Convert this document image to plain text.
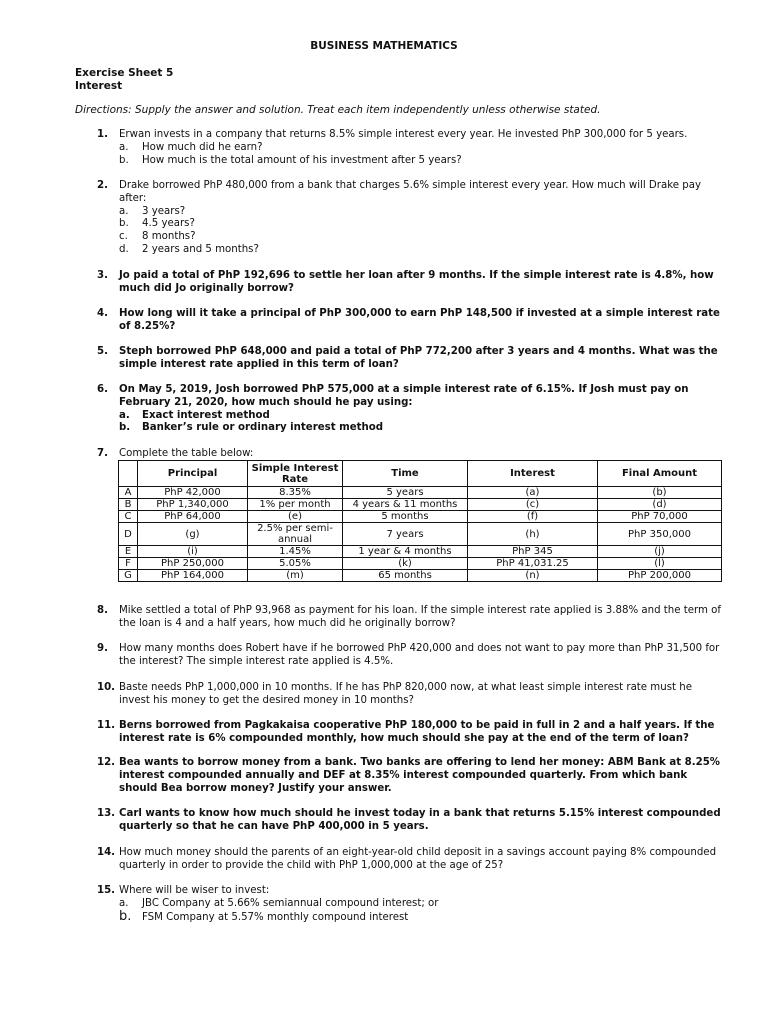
BUSINESS MATHEMATICS
Exercise Sheet 5
Interest
Directions: Supply the answer and solution. Treat each item independently unless otherwise stated.
1. Erwan invests in a company that returns 8.5% simple interest every year. He invested PhP 300,000 for 5 years.
a. How much did he earn?
b. How much is the total amount of his investment after 5 years?
2. Drake borrowed PhP 480,000 from a bank that charges 5.6% simple interest every year. How much will Drake pay after:
a. 3 years?
b. 4.5 years?
c. 8 months?
d. 2 years and 5 months?
3. Jo paid a total of PhP 192,696 to settle her loan after 9 months. If the simple interest rate is 4.8%, how much did Jo originally borrow?
4. How long will it take a principal of PhP 300,000 to earn PhP 148,500 if invested at a simple interest rate of 8.25%?
5. Steph borrowed PhP 648,000 and paid a total of PhP 772,200 after 3 years and 4 months. What was the simple interest rate applied in this term of loan?
6. On May 5, 2019, Josh borrowed PhP 575,000 at a simple interest rate of 6.15%. If Josh must pay on February 21, 2020, how much should he pay using:
a. Exact interest method
b. Banker’s rule or ordinary interest method
7. Complete the table below:
	Principal	Simple Interest Rate	Time	Interest	Final Amount
A	PhP 42,000	8.35%	5 years	(a)	(b)
B	PhP 1,340,000	1% per month	4 years & 11 months	(c)	(d)
C	PhP 64,000	(e)	5 months	(f)	PhP 70,000
D	(g)	2.5% per semi-annual	7 years	(h)	PhP 350,000
E	(i)	1.45%	1 year & 4 months	PhP 345	(j)
F	PhP 250,000	5.05%	(k)	PhP 41,031.25	(l)
G	PhP 164,000	(m)	65 months	(n)	PhP 200,000
8. Mike settled a total of PhP 93,968 as payment for his loan. If the simple interest rate applied is 3.88% and the term of the loan is 4 and a half years, how much did he originally borrow?
9. How many months does Robert have if he borrowed PhP 420,000 and does not want to pay more than PhP 31,500 for the interest? The simple interest rate applied is 4.5%.
10. Baste needs PhP 1,000,000 in 10 months. If he has PhP 820,000 now, at what least simple interest rate must he invest his money to get the desired money in 10 months?
11. Berns borrowed from Pagkakaisa cooperative PhP 180,000 to be paid in full in 2 and a half years. If the interest rate is 6% compounded monthly, how much should she pay at the end of the term of loan?
12. Bea wants to borrow money from a bank. Two banks are offering to lend her money: ABM Bank at 8.25% interest compounded annually and DEF at 8.35% interest compounded quarterly. From which bank should Bea borrow money? Justify your answer.
13. Carl wants to know how much should he invest today in a bank that returns 5.15% interest compounded quarterly so that he can have PhP 400,000 in 5 years.
14. How much money should the parents of an eight-year-old child deposit in a savings account paying 8% compounded quarterly in order to provide the child with PhP 1,000,000 at the age of 25?
15. Where will be wiser to invest:
a. JBC Company at 5.66% semiannual compound interest; or
b. FSM Company at 5.57% monthly compound interest
